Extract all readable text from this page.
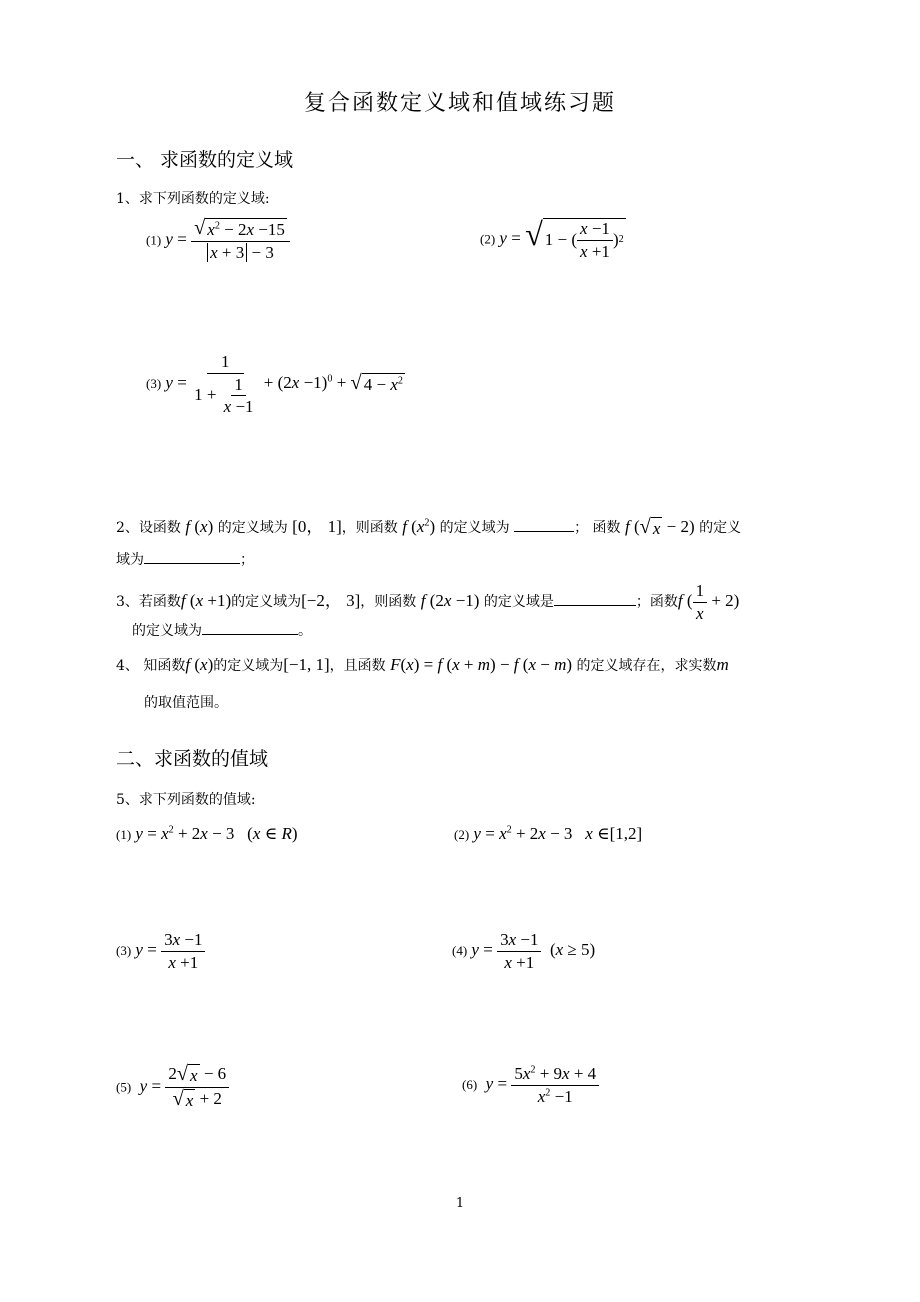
复合函数定义域和值域练习题
一、 求函数的定义域
1、求下列函数的定义域:
(1) $y = \frac{√ x^2 - 2x -15}{x + 3 - 3}$	(2) y = √ 1 − ( $\frac{x -1}{x +1}$ ) 2
(3) $y = \frac{1}{1 + \frac{1}{x -1}} + (2x -1)^0$ + √ $4 - x^2$
2、设函数 f (x) 的定义域为 [0， 1]，则函数 f $(x^2)$ 的定义域为	； 函数 f ( √ x − 2) 的定义
域为	；
3、若函数f (x +1)的定义域为[−2， 3]，则函数 f (2x −1) 的定义域是	；函数f ( $\frac{1}{x} + 2$)
的定义域为	。
4、 知函数f (x)的定义域为[−1, 1]，且函数 F(x) = f (x + m) − f (x − m) 的定义域存在，求实数m
的取值范围。
二、求函数的值域
5、求下列函数的值域:
(1) $y = x^2 + 2x - 3$   (x ∈ R)	(2) $y = x^2 + 2x - 3$   x ∈[1,2]
(3) $y = \frac{3x -1}{x +1}$	(4) $y = \frac{3x -1}{x +1} (x \ge 5)$
(5) $y = \frac{2 √ x - 6}{√ x + 2}$	(6) $y = \frac{5x^2 + 9x + 4}{x^2 -1}$
1
